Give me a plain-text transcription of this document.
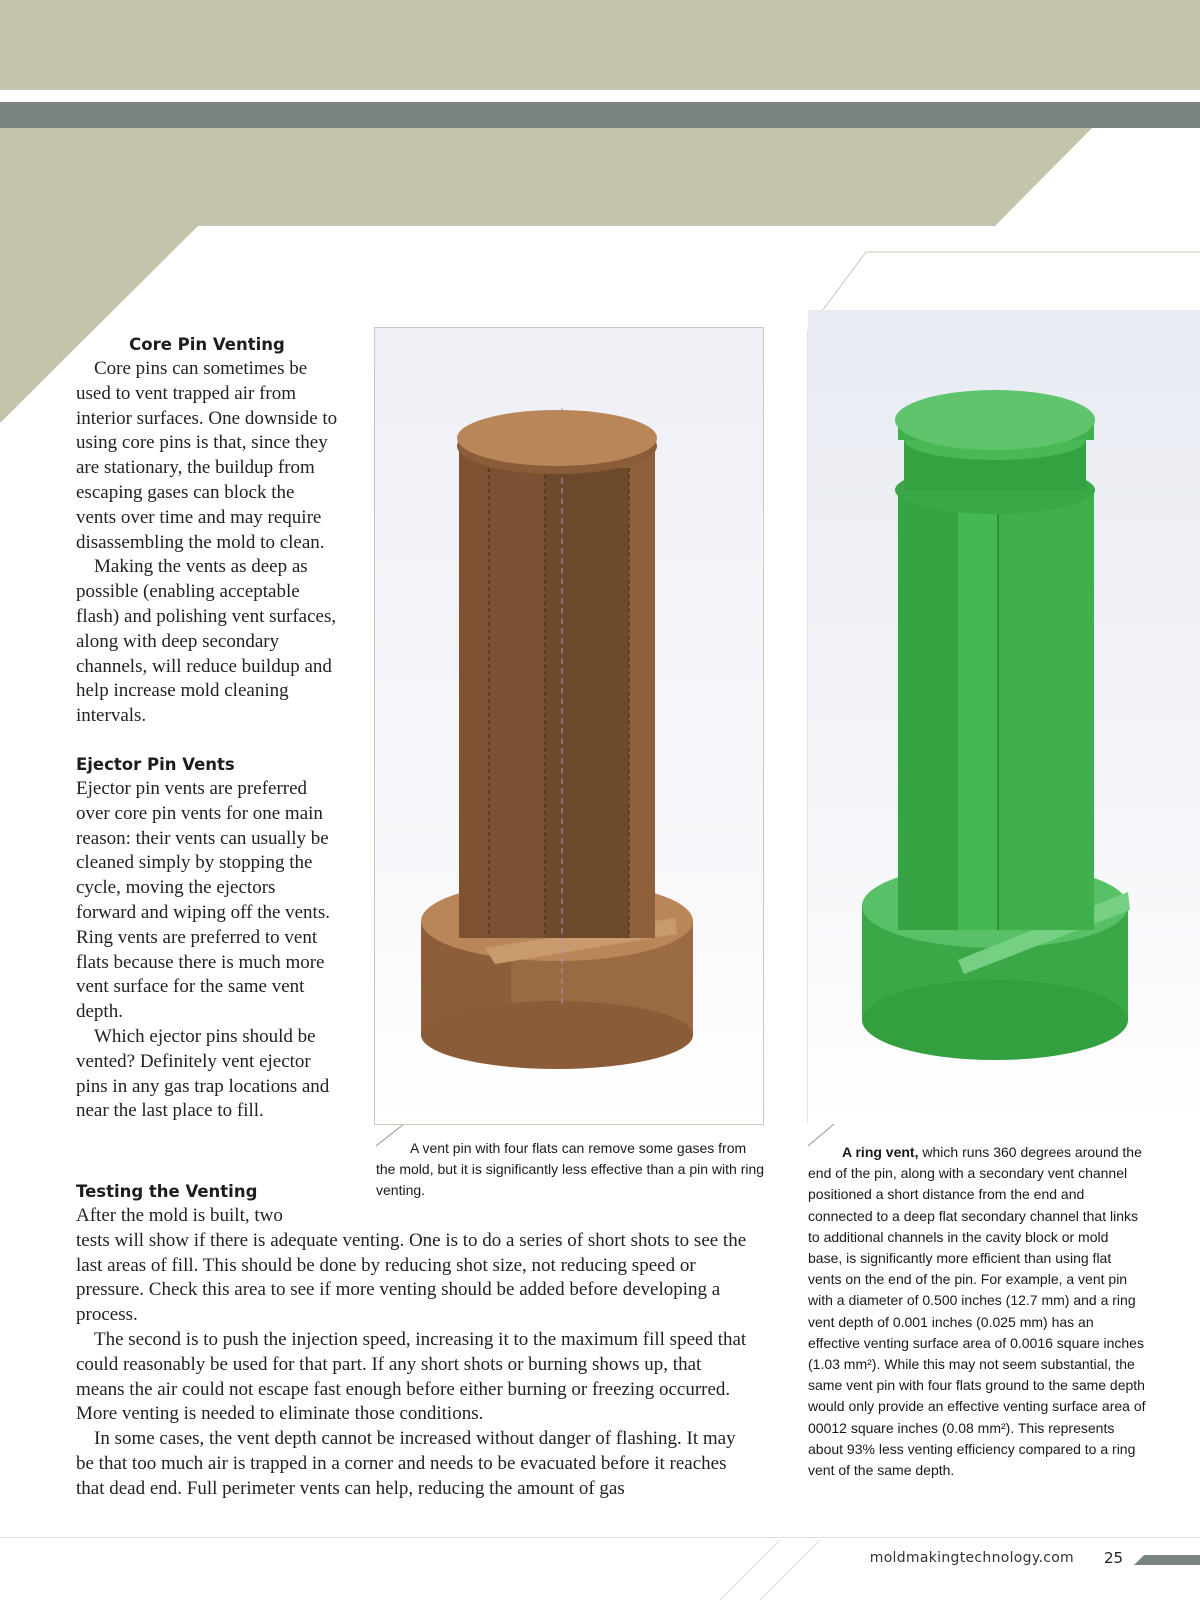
Core Pin Venting

Core pins can sometimes be used to vent trapped air from interior surfaces. One downside to using core pins is that, since they are stationary, the buildup from escaping gases can block the vents over time and may require disassembling the mold to clean.

Making the vents as deep as possible (enabling acceptable flash) and polishing vent surfaces, along with deep secondary channels, will reduce buildup and help increase mold cleaning intervals.

Ejector Pin Vents

Ejector pin vents are preferred over core pin vents for one main reason: their vents can usually be cleaned simply by stopping the cycle, moving the ejectors forward and wiping off the vents. Ring vents are preferred to vent flats because there is much more vent surface for the same vent depth.

Which ejector pins should be vented? Definitely vent ejector pins in any gas trap locations and near the last place to fill.

Testing the Venting

After the mold is built, two

tests will show if there is adequate venting. One is to do a series of short shots to see the last areas of fill. This should be done by reducing shot size, not reducing speed or pressure. Check this area to see if more venting should be added before developing a process.

The second is to push the injection speed, increasing it to the maximum fill speed that could reasonably be used for that part. If any short shots or burning shows up, that means the air could not escape fast enough before either burning or freezing occurred. More venting is needed to eliminate those conditions.

In some cases, the vent depth cannot be increased without danger of flashing. It may be that too much air is trapped in a corner and needs to be evacuated before it reaches that dead end. Full perimeter vents can help, reducing the amount of gas

A vent pin with four flats can remove some gases from the mold, but it is significantly less effective than a pin with ring venting.
A ring vent, which runs 360 degrees around the end of the pin, along with a secondary vent channel positioned a short distance from the end and connected to a deep flat secondary channel that links to additional channels in the cavity block or mold base, is significantly more efficient than using flat vents on the end of the pin. For example, a vent pin with a diameter of 0.500 inches (12.7 mm) and a ring vent depth of 0.001 inches (0.025 mm) has an effective venting surface area of 0.0016 square inches (1.03 mm²). While this may not seem substantial, the same vent pin with four flats ground to the same depth would only provide an effective venting surface area of 00012 square inches (0.08 mm²). This represents about 93% less venting efficiency compared to a ring vent of the same depth.
moldmakingtechnology.com 25
